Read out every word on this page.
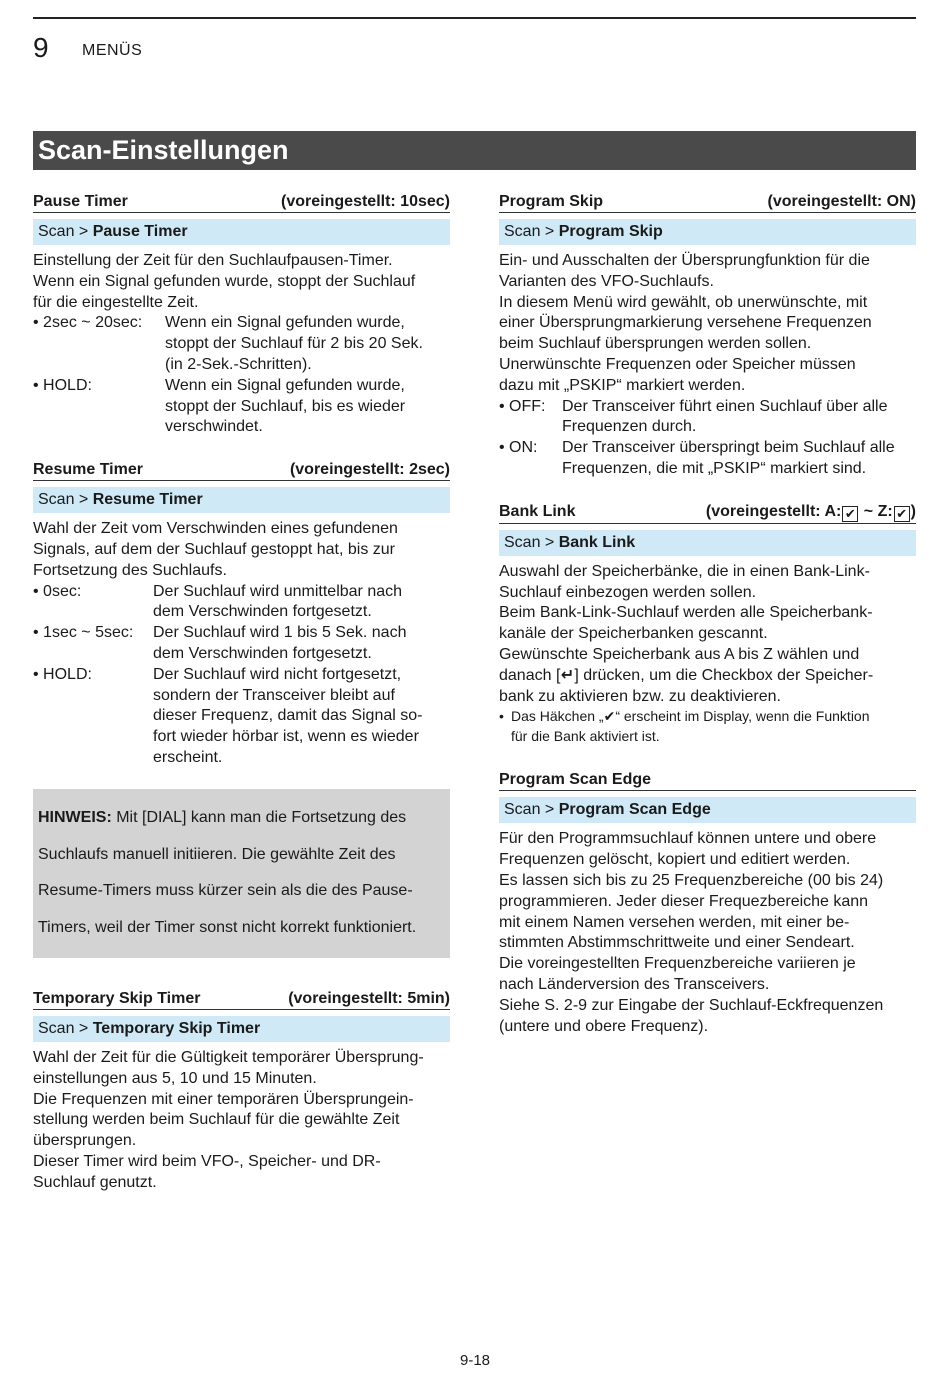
9 MENÜS
Scan-Einstellungen
Pause Timer	(voreingestellt: 10sec)
Scan > Pause Timer

Einstellung der Zeit für den Suchlaufpausen-Timer.

Wenn ein Signal gefunden wurde, stoppt der Suchlauf

für die eingestellte Zeit.

• 2sec ~ 20sec:	Wenn ein Signal gefunden wurde,

stoppt der Suchlauf für 2 bis 20 Sek.

(in 2-Sek.-Schritten).

• HOLD:	Wenn ein Signal gefunden wurde,

stoppt der Suchlauf, bis es wieder

verschwindet.

Resume Timer	(voreingestellt: 2sec)
Scan > Resume Timer

Wahl der Zeit vom Verschwinden eines gefundenen

Signals, auf dem der Suchlauf gestoppt hat, bis zur

Fortsetzung des Suchlaufs.

• 0sec:	Der Suchlauf wird unmittelbar nach

dem Verschwinden fortgesetzt.

• 1sec ~ 5sec:	Der Suchlauf wird 1 bis 5 Sek. nach

dem Verschwinden fortgesetzt.

• HOLD:	Der Suchlauf wird nicht fortgesetzt,

sondern der Transceiver bleibt auf

dieser Frequenz, damit das Signal so-

fort wieder hörbar ist, wenn es wieder

erscheint.

HINWEIS: Mit [DIAL] kann man die Fortsetzung des

Suchlaufs manuell initiieren. Die gewählte Zeit des

Resume-Timers muss kürzer sein als die des Pause-

Timers, weil der Timer sonst nicht korrekt funktioniert.

Temporary Skip Timer	(voreingestellt: 5min)
Scan > Temporary Skip Timer

Wahl der Zeit für die Gültigkeit temporärer Übersprung-

einstellungen aus 5, 10 und 15 Minuten.

Die Frequenzen mit einer temporären Übersprungein-

stellung werden beim Suchlauf für die gewählte Zeit

übersprungen.

Dieser Timer wird beim VFO-, Speicher- und DR-

Suchlauf genutzt.

Program Skip	(voreingestellt: ON)
Scan > Program Skip

Ein- und Ausschalten der Übersprungfunktion für die

Varianten des VFO-Suchlaufs.

In diesem Menü wird gewählt, ob unerwünschte, mit

einer Übersprungmarkierung versehene Frequenzen

beim Suchlauf übersprungen werden sollen.

Unerwünschte Frequenzen oder Speicher müssen

dazu mit „PSKIP“ markiert werden.

• OFF:	Der Transceiver führt einen Suchlauf über alle

Frequenzen durch.

• ON:	Der Transceiver überspringt beim Suchlauf alle

Frequenzen, die mit „PSKIP“ markiert sind.

Bank Link	(voreingestellt: A: ✔ ~ Z: ✔ )
Scan > Bank Link

Auswahl der Speicherbänke, die in einen Bank-Link-

Suchlauf einbezogen werden sollen.

Beim Bank-Link-Suchlauf werden alle Speicherbank-

kanäle der Speicherbanken gescannt.

Gewünschte Speicherbank aus A bis Z wählen und

danach [↵] drücken, um die Checkbox der Speicher-

bank zu aktivieren bzw. zu deaktivieren.

• Das Häkchen „✔“ erscheint im Display, wenn die Funktion

für die Bank aktiviert ist.

Program Scan Edge
Scan > Program Scan Edge

Für den Programmsuchlauf können untere und obere

Frequenzen gelöscht, kopiert und editiert werden.

Es lassen sich bis zu 25 Frequenzbereiche (00 bis 24)

programmieren. Jeder dieser Frequezbereiche kann

mit einem Namen versehen werden, mit einer be-

stimmten Abstimmschrittweite und einer Sendeart.

Die voreingestellten Frequenzbereiche variieren je

nach Länderversion des Transceivers.

Siehe S. 2-9 zur Eingabe der Suchlauf-Eckfrequenzen

(untere und obere Frequenz).

9-18
